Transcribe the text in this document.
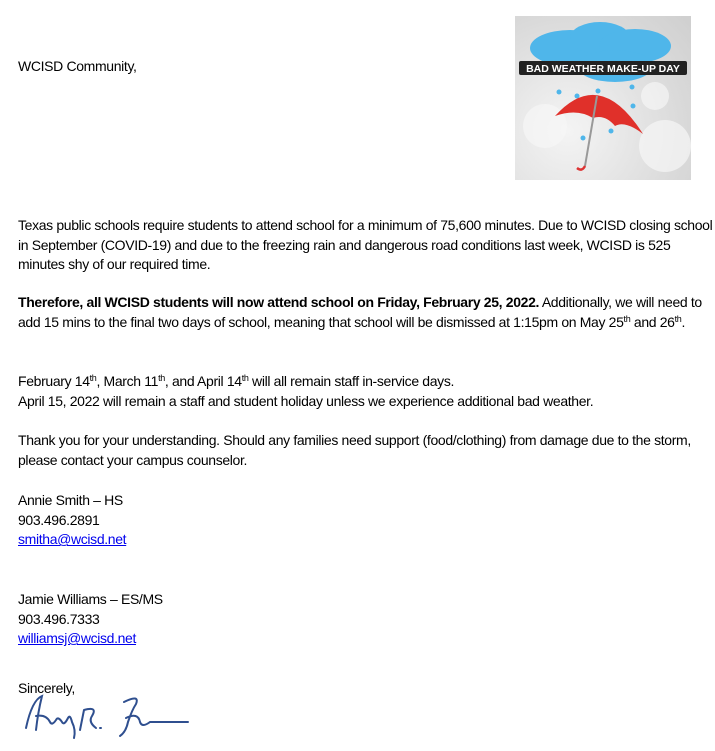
WCISD Community,	BAD WEATHER MAKE-UP DAY
Texas public schools require students to attend school for a minimum of 75,600 minutes. Due to WCISD closing school in September (COVID-19) and due to the freezing rain and dangerous road conditions last week, WCISD is 525 minutes shy of our required time.
Therefore, all WCISD students will now attend school on Friday, February 25, 2022. Additionally, we will need to add 15 mins to the final two days of school, meaning that school will be dismissed at 1:15pm on May 25th and 26th.
February 14th, March 11th, and April 14th will all remain staff in-service days.
April 15, 2022 will remain a staff and student holiday unless we experience additional bad weather.
Thank you for your understanding. Should any families need support (food/clothing) from damage due to the storm, please contact your campus counselor.
Annie Smith – HS
903.496.2891
smitha@wcisd.net
Jamie Williams – ES/MS
903.496.7333
williamsj@wcisd.net
Sincerely,
